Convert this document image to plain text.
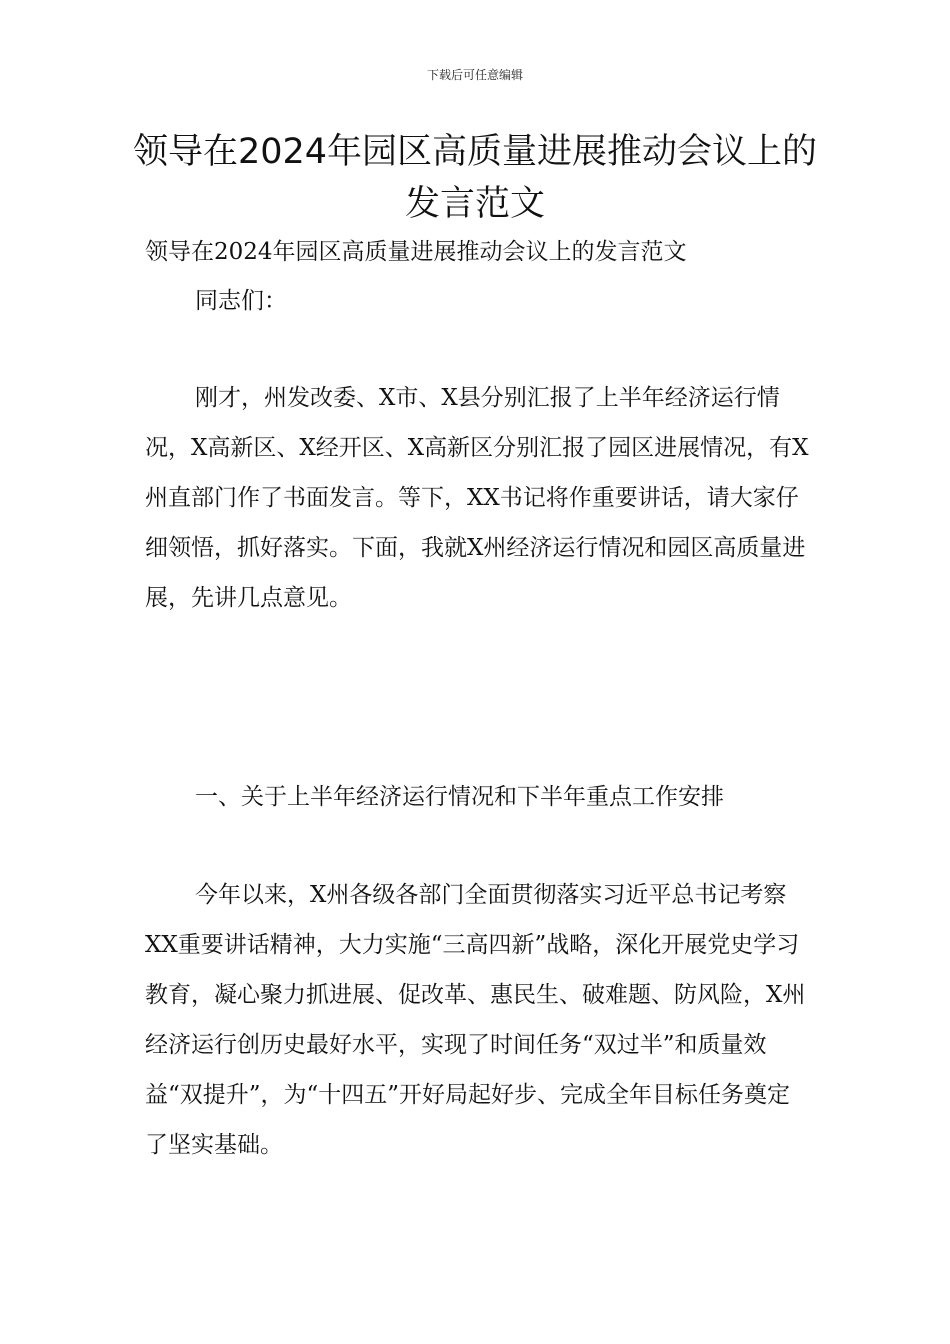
下载后可任意编辑
领导在2024年园区高质量进展推动会议上的发言范文

领导在2024年园区高质量进展推动会议上的发言范文

同志们：

刚才，州发改委、X市、X县分别汇报了上半年经济运行情况，X高新区、X经开区、X高新区分别汇报了园区进展情况，有X州直部门作了书面发言。等下，XX书记将作重要讲话，请大家仔细领悟，抓好落实。下面，我就X州经济运行情况和园区高质量进展，先讲几点意见。

一、关于上半年经济运行情况和下半年重点工作安排

今年以来，X州各级各部门全面贯彻落实习近平总书记考察XX重要讲话精神，大力实施“三高四新”战略，深化开展党史学习教育，凝心聚力抓进展、促改革、惠民生、破难题、防风险，X州经济运行创历史最好水平，实现了时间任务“双过半”和质量效益“双提升”，为“十四五”开好局起好步、完成全年目标任务奠定了坚实基础。
